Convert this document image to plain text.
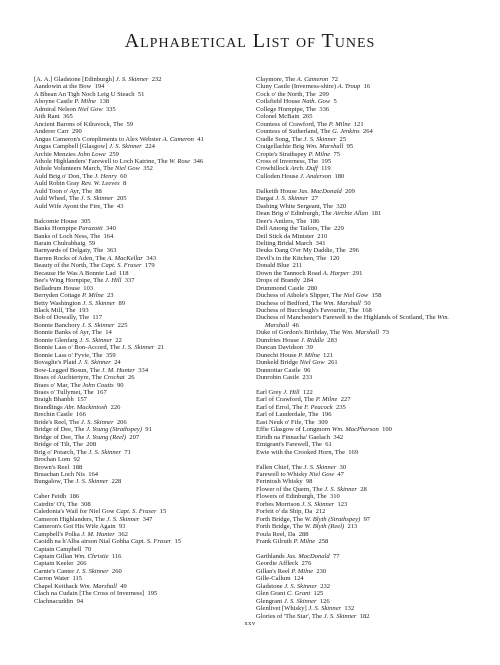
Alphabetical List of Tunes

[A. A.] Gladstone [Edinburgh] J. S. Skinner 232

Aandowin at the Bow 194

A Bhean An Tigh Noch Leig U Steach 51

Aboyne Castle P. Milne 138

Admiral Nelson Niel Gow 335

Aith Rant 365

Ancient Barons of Kilravock, The 59

Anderer Carr 290

Angus Cameron's Compliments to Alex Webster A. Cameron 41

Angus Campbell [Glasgow] J. S. Skinner 224

Archie Menzies John Lowe 259

Athole Highlanders' Farewell to Loch Katrine, The W. Rose 346

Athole Volunteers March, The Niel Gow 352

Auld Brig o' Don, The J. Henry 60

Auld Robin Gray Rev. W. Leeves 8

Auld Toon o' Ayr, The 88

Auld Wheel, The J. S. Skinner 205

Auld Wife Ayont the Fire, The 43

Balcomie House 305

Banks Hornpipe Parazotti 340

Banks of Loch Ness, The 164

Barain Chulrabhaig 59

Barnyards of Delgaty, The 363

Barren Rocks of Aden, The A. MacKellar 343

Beauty of the North, The Capt. S. Fraser 179

Because He Was A Bonnie Lad 118

Bee's Wing Hornpipe, The J. Hill 337

Belladrum House 103

Berryden Cottage P. Milne 23

Betty Washington J. S. Skinner 89

Black Mill, The 193

Bob of Dowally, The 117

Bonnie Banchory J. S. Skinner 225

Bonnie Banks of Ayr, The 14

Bonnie Glenfarg J. S. Skinner 22

Bonnie Lass o' Bon-Accord, The J. S. Skinner 21

Bonnie Lass o' Fyvie, The 359

Bovaglie's Plaid J. S. Skinner 24

Bow-Legged Bosun, The J. M. Hunter 334

Braes of Auchtertyre, The Crochat 26

Braes o' Mar, The John Coutts 90

Braes o' Tullymet, The 167

Braigh Bhanbh 157

Brandlings Abr. Mackintosh 226

Brechin Castle 166

Bride's Reel, The J. S. Skinner 206

Bridge of Dee, The J. Young (Strathspey) 91

Bridge of Dee, The J. Young (Reel) 207

Bridge of Tilt, The 208

Brig o' Potarch, The J. S. Skinner 71

Brochan Lom 92

Brown's Reel 188

Bruachan Loch Nis 164

Bungalow, The J. S. Skinner 228

Caber Feidh 186

Cairdin' O't, The 308

Caledonia's Wail for Niel Gow Capt. S. Fraser 15

Cameron Highlanders, The J. S. Skinner 347

Cameron's Got His Wife Again 93

Campbell's Polka J. M. Hunter 362

Caoidh na h'Alba airson Nial Gobha Capt. S. Fraser 15

Captain Campbell 70

Captain Gillan Wm. Christie 116

Captain Keeler 266

Carnie's Canter J. S. Skinner 260

Carron Water 115

Chapel Keithack Wm. Marshall 49

Clach na Cudain [The Cross of Inverness] 195

Clachnacuddin 94

Claymore, The A. Cameron 72

Cluny Castle (Inverness-shire) A. Troup 16

Cock o' the North, The 299

Coilsfield House Nath. Gow 5

College Hornpipe, The 336

Colonel McBain 265

Countess of Crawford, The P. Milne 121

Countess of Sutherland, The G. Jenkins 264

Cradle Song, The J. S. Skinner 25

Craigellachie Brig Wm. Marshall 95

Cropie's Strathspey P. Milne 75

Cross of Inverness, The 195

Crowhillock Arch. Duff 119

Culloden House J. Anderson 180

Dalkeith House Jas. MacDonald 209

Dargai J. S. Skinner 27

Dashing White Sergeant, The 320

Dean Brig o' Edinburgh, The Airchie Allan 181

Deer's Antlers, The 186

Dell Among the Tailors, The 229

Deil Stick da Minister 210

Delting Bridal March 341

Deuks Dang O'er My Daddie, The 296

Devil's in the Kitchen, The 120

Donald Blue 211

Down the Tannoch Road A. Harper 291

Drops of Brandy 284

Drummond Castle 280

Duchess of Athole's Slipper, The Niel Gow 158

Duchess of Bedford, The Wm. Marshall 50

Duchess of Buccleugh's Favourite, The 168

Duchess of Manchester's Farewell to the Highlands of Scotland, The Wm. Marshall 46

Duke of Gordon's Birthday, The Wm. Marshall 73

Dumfries House J. Riddle 283

Duncan Davidson 39

Dunecht House P. Milne 121

Dunkeld Bridge Niel Gow 261

Dunnottar Castle 96

Dunrobin Castle 233

Earl Grey J. Hill 122

Earl of Crawford, The P. Milne 227

Earl of Errol, The F. Peacock 235

Earl of Lauderdale, The 196

East Neuk o' Fife, The 309

Effie Glasgow of Longmorn Wm. MacPherson 100

Eiridh na Finnacha' Gaelach 342

Emigrant's Farewell, The 61

Ewie with the Crooked Horn, The 169

Fallen Chief, The J. S. Skinner 30

Farewell to Whisky Niel Gow 47

Ferintosh Whisky 98

Flower of the Quern, The J. S. Skinner 28

Flowers of Edinburgh, The 310

Forbes Morrison J. S. Skinner 123

Forfeit o' da Ship, Da 212

Forth Bridge, The W. Blyth (Strathspey) 97

Forth Bridge, The W. Blyth (Reel) 213

Foula Reel, Da 288

Frank Gilruth P. Milne 258

Garthlands Jas. MacDonald 77

Geordie Affleck 276

Gillan's Reel P. Milne 230

Gille-Callum 124

Gladstone J. S. Skinner 232

Glen Grant C. Grant 125

Glengrant J. S. Skinner 126

Glenlivet [Whisky] J. S. Skinner 132

Glories of 'The Star', The J. S. Skinner 182

xxv
